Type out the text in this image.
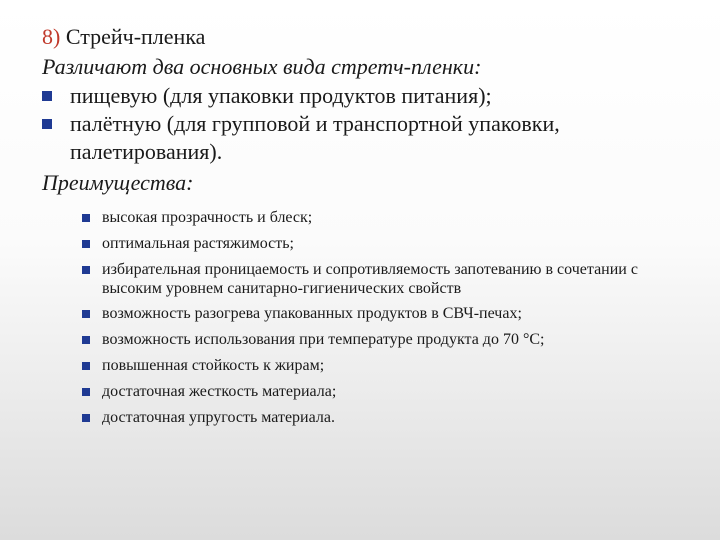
8) Стрейч-пленка
Различают два основных вида стретч-пленки:
пищевую (для упаковки продуктов питания);
палётную (для групповой и транспортной упаковки, палетирования).
Преимущества:
высокая прозрачность и блеск;
оптимальная растяжимость;
избирательная проницаемость и сопротивляемость запотеванию в сочетании с высоким уровнем санитарно-гигиенических свойств
возможность разогрева упакованных продуктов в СВЧ-печах;
возможность использования при температуре продукта до 70 °С;
повышенная стойкость к жирам;
достаточная жесткость материала;
достаточная упругость материала.
